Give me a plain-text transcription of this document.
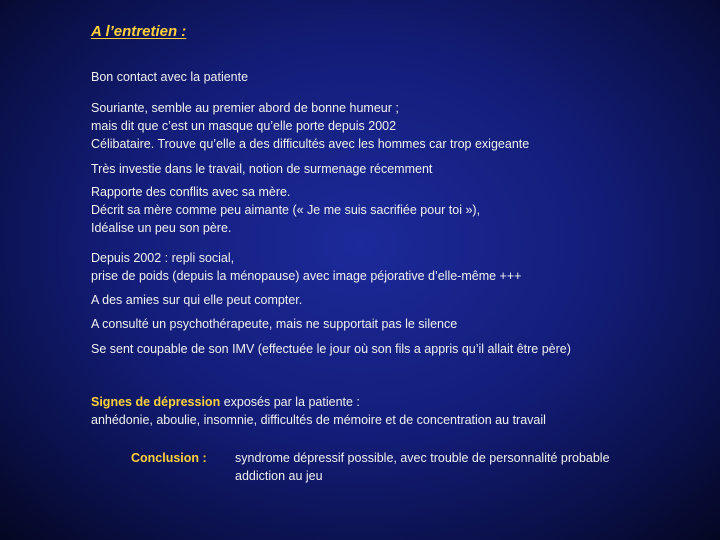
A l’entretien :
Bon contact avec la patiente
Souriante, semble au premier abord de bonne humeur ;
mais dit que c’est un masque qu’elle porte depuis 2002
Célibataire. Trouve qu’elle a des difficultés avec les hommes car trop exigeante
Très investie dans le travail, notion de surmenage récemment
Rapporte des conflits avec sa mère.
Décrit sa mère comme peu aimante (« Je me suis sacrifiée pour toi »),
Idéalise un peu son père.
Depuis 2002 : repli social,
prise de poids (depuis la ménopause) avec image péjorative d’elle-même +++
A des amies sur qui elle peut compter.
A consulté un psychothérapeute, mais ne supportait pas le silence
Se sent coupable de son IMV (effectuée le jour où son fils a appris qu’il allait être père)
Signes de dépression exposés par la patiente :
anhédonie, aboulie, insomnie, difficultés de mémoire et de concentration au travail
Conclusion : syndrome dépressif possible, avec trouble de personnalité probable
addiction au jeu
